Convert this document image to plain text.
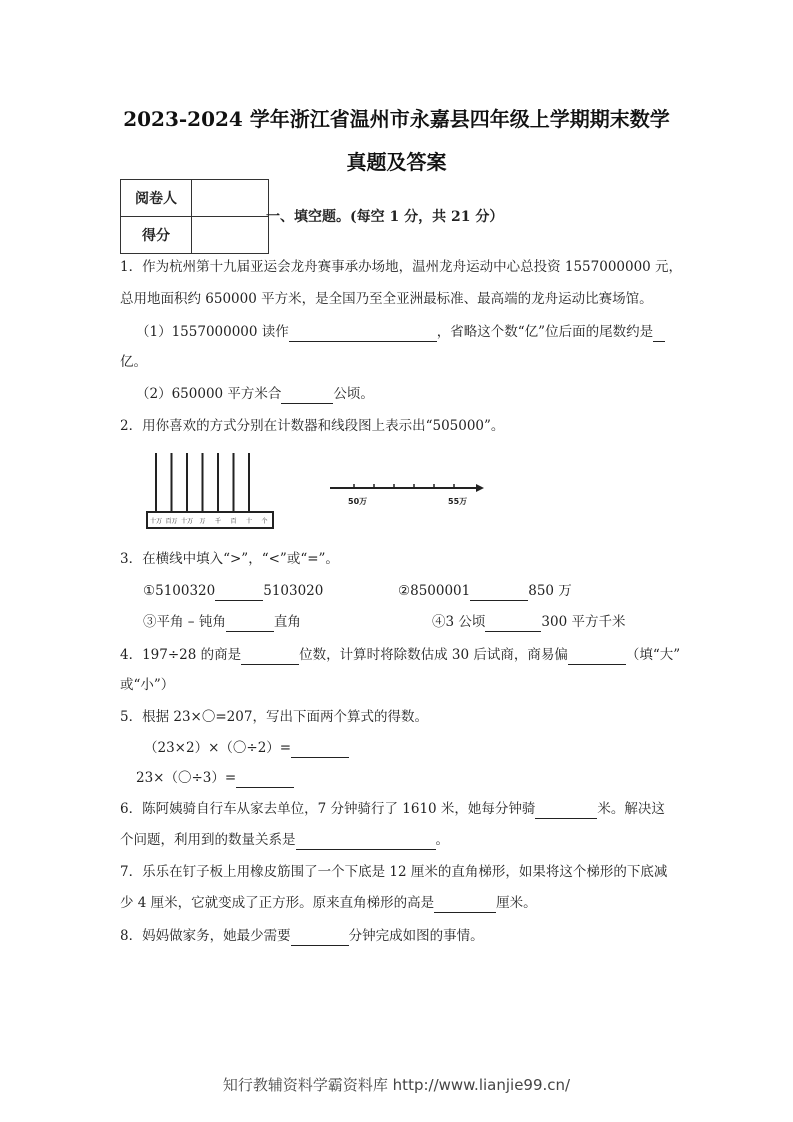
2023-2024 学年浙江省温州市永嘉县四年级上学期期末数学
真题及答案
阅卷人	
得分	
一、填空题。(每空 1 分，共 21 分）
1．作为杭州第十九届亚运会龙舟赛事承办场地，温州龙舟运动中心总投资 1557000000 元，
总用地面积约 650000 平方米，是全国乃至全亚洲最标准、最高端的龙舟运动比赛场馆。
（1）1557000000 读作	，省略这个数“亿”位后面的尾数约是
亿。
（2）650000 平方米合	公顷。
2．用你喜欢的方式分别在计数器和线段图上表示出“505000”。
十万 百万 十万 万 千 百 十 个
50万	55万
3．在横线中填入“>”，“<”或“=”。
①5100320	5103020	②8500001	850 万
③平角 – 钝角	直角	④3 公顷	300 平方千米
4．197÷28 的商是	位数，计算时将除数估成 30 后试商，商易偏	（填“大”
或“小”）
5．根据 23×〇=207，写出下面两个算式的得数。
（23×2）×（〇÷2）=
23×（〇÷3）=
6．陈阿姨骑自行车从家去单位，7 分钟骑行了 1610 米，她每分钟骑	米。解决这
个问题，利用到的数量关系是	。
7．乐乐在钉子板上用橡皮筋围了一个下底是 12 厘米的直角梯形，如果将这个梯形的下底减
少 4 厘米，它就变成了正方形。原来直角梯形的高是	厘米。
8．妈妈做家务，她最少需要	分钟完成如图的事情。
知行教辅资料学霸资料库 http://www.lianjie99.cn/
